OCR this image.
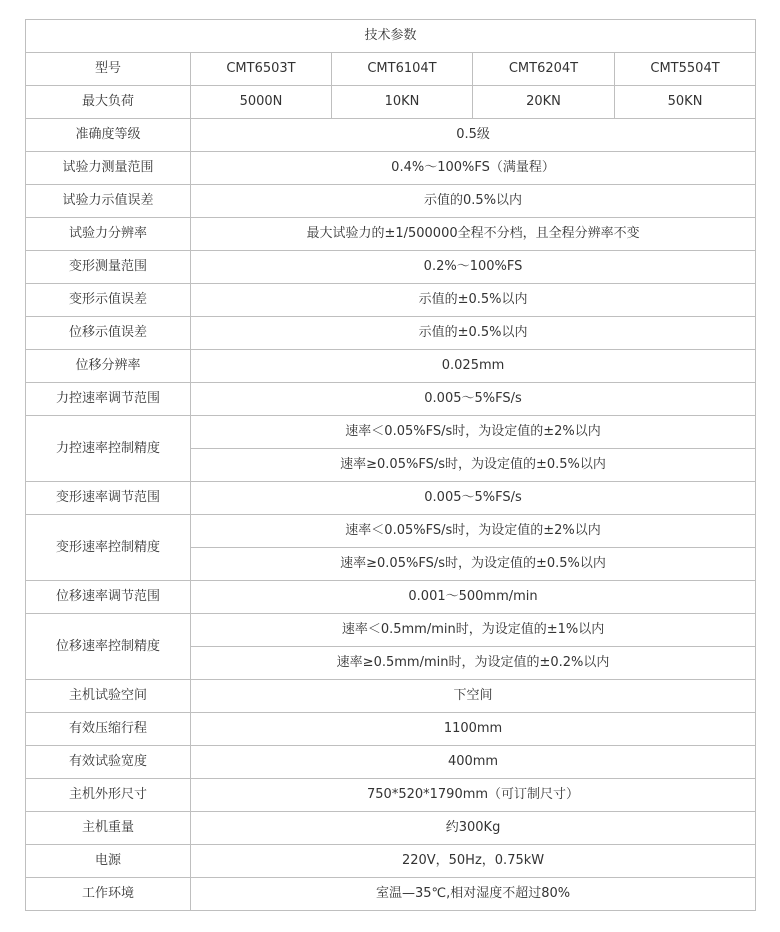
技术参数				
型号	CMT6503T	CMT6104T	CMT6204T	CMT5504T
最大负荷	5000N	10KN	20KN	50KN
准确度等级	0.5级			
试验力测量范围	0.4%～100%FS（满量程）			
试验力示值误差	示值的0.5%以内			
试验力分辨率	最大试验力的±1/500000全程不分档，且全程分辨率不变			
变形测量范围	0.2%～100%FS			
变形示值误差	示值的±0.5%以内			
位移示值误差	示值的±0.5%以内			
位移分辨率	0.025mm			
力控速率调节范围	0.005～5%FS/s			
力控速率控制精度	速率＜0.05%FS/s时，为设定值的±2%以内			
	速率≥0.05%FS/s时，为设定值的±0.5%以内			
变形速率调节范围	0.005～5%FS/s			
变形速率控制精度	速率＜0.05%FS/s时，为设定值的±2%以内			
	速率≥0.05%FS/s时，为设定值的±0.5%以内			
位移速率调节范围	0.001～500mm/min			
位移速率控制精度	速率＜0.5mm/min时，为设定值的±1%以内			
	速率≥0.5mm/min时，为设定值的±0.2%以内			
主机试验空间	下空间			
有效压缩行程	1100mm			
有效试验宽度	400mm			
主机外形尺寸	750*520*1790mm（可订制尺寸）			
主机重量	约300Kg			
电源	220V，50Hz，0.75kW			
工作环境	室温—35℃,相对湿度不超过80%			
